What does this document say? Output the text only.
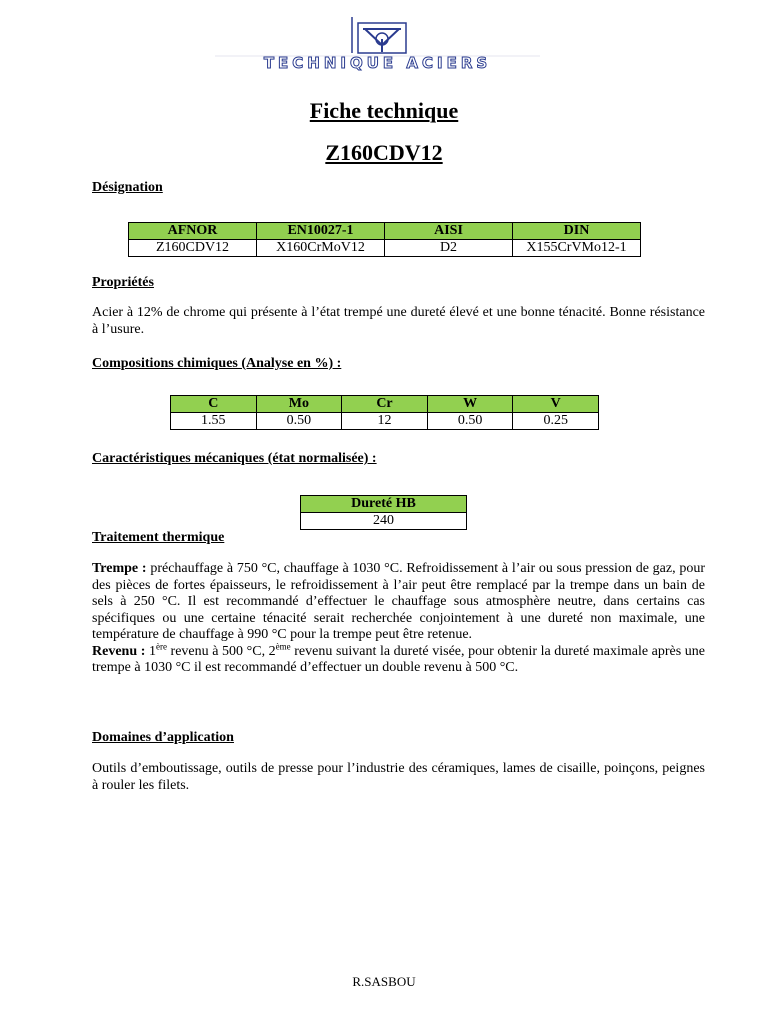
TECHNIQUE ACIERS
Fiche technique
Z160CDV12
Désignation
AFNOR	EN10027-1	AISI	DIN
Z160CDV12	X160CrMoV12	D2	X155CrVMo12-1
Propriétés
Acier à 12% de chrome qui présente à l’état trempé une dureté élevé et une bonne ténacité. Bonne résistance à l’usure.
Compositions chimiques (Analyse en %) :
C	Mo	Cr	W	V
1.55	0.50	12	0.50	0.25
Caractéristiques mécaniques (état normalisée) :
Dureté HB
240
Traitement thermique
Trempe : préchauffage à 750 °C, chauffage à 1030 °C. Refroidissement à l’air ou sous pression de gaz, pour des pièces de fortes épaisseurs, le refroidissement à l’air peut être remplacé par la trempe dans un bain de sels à 250 °C. Il est recommandé d’effectuer le chauffage sous atmosphère neutre, dans certains cas spécifiques ou une certaine ténacité serait recherchée conjointement à une dureté non maximale, une température de chauffage à 990 °C pour la trempe peut être retenue.
Revenu : 1ère revenu à 500 °C, 2ème revenu suivant la dureté visée, pour obtenir la dureté maximale après une trempe à 1030 °C il est recommandé d’effectuer un double revenu à 500 °C.
Domaines d’application
Outils d’emboutissage, outils de presse pour l’industrie des céramiques, lames de cisaille, poinçons, peignes à rouler les filets.
R.SASBOU
